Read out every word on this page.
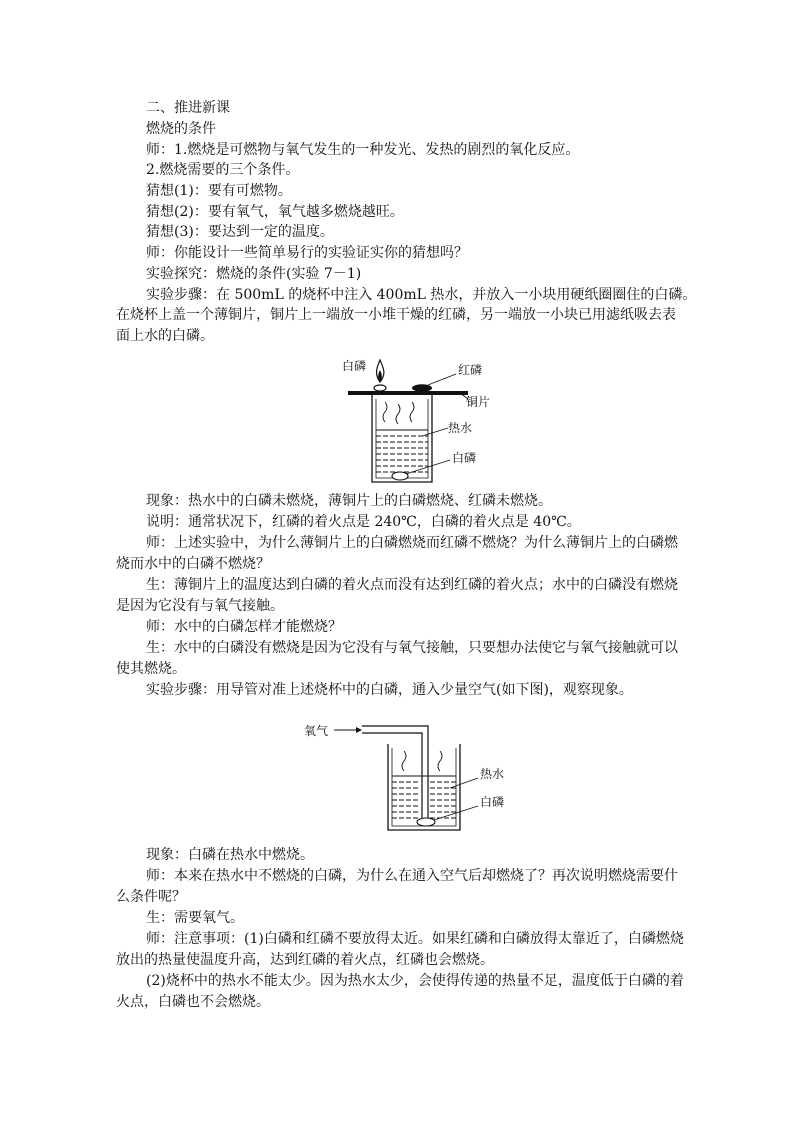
二、推进新课
燃烧的条件
师：1.燃烧是可燃物与氧气发生的一种发光、发热的剧烈的氧化反应。
2.燃烧需要的三个条件。
猜想(1)：要有可燃物。
猜想(2)：要有氧气，氧气越多燃烧越旺。
猜想(3)：要达到一定的温度。
师：你能设计一些简单易行的实验证实你的猜想吗？
实验探究：燃烧的条件(实验 7－1)
实验步骤：在 500mL 的烧杯中注入 400mL 热水，并放入一小块用硬纸圈圈住的白磷。
在烧杯上盖一个薄铜片，铜片上一端放一小堆干燥的红磷，另一端放一小块已用滤纸吸去表
面上水的白磷。
白磷	红磷
铜片
热水
白磷
现象：热水中的白磷未燃烧，薄铜片上的白磷燃烧、红磷未燃烧。
说明：通常状况下，红磷的着火点是 240℃，白磷的着火点是 40℃。
师：上述实验中，为什么薄铜片上的白磷燃烧而红磷不燃烧？为什么薄铜片上的白磷燃
烧而水中的白磷不燃烧？
生：薄铜片上的温度达到白磷的着火点而没有达到红磷的着火点；水中的白磷没有燃烧
是因为它没有与氧气接触。
师：水中的白磷怎样才能燃烧？
生：水中的白磷没有燃烧是因为它没有与氧气接触，只要想办法使它与氧气接触就可以
使其燃烧。
实验步骤：用导管对准上述烧杯中的白磷，通入少量空气(如下图)，观察现象。
氧气
热水
白磷
现象：白磷在热水中燃烧。
师：本来在热水中不燃烧的白磷，为什么在通入空气后却燃烧了？再次说明燃烧需要什
么条件呢？
生：需要氧气。
师：注意事项：(1)白磷和红磷不要放得太近。如果红磷和白磷放得太靠近了，白磷燃烧
放出的热量使温度升高，达到红磷的着火点，红磷也会燃烧。
(2)烧杯中的热水不能太少。因为热水太少，会使得传递的热量不足，温度低于白磷的着
火点，白磷也不会燃烧。
